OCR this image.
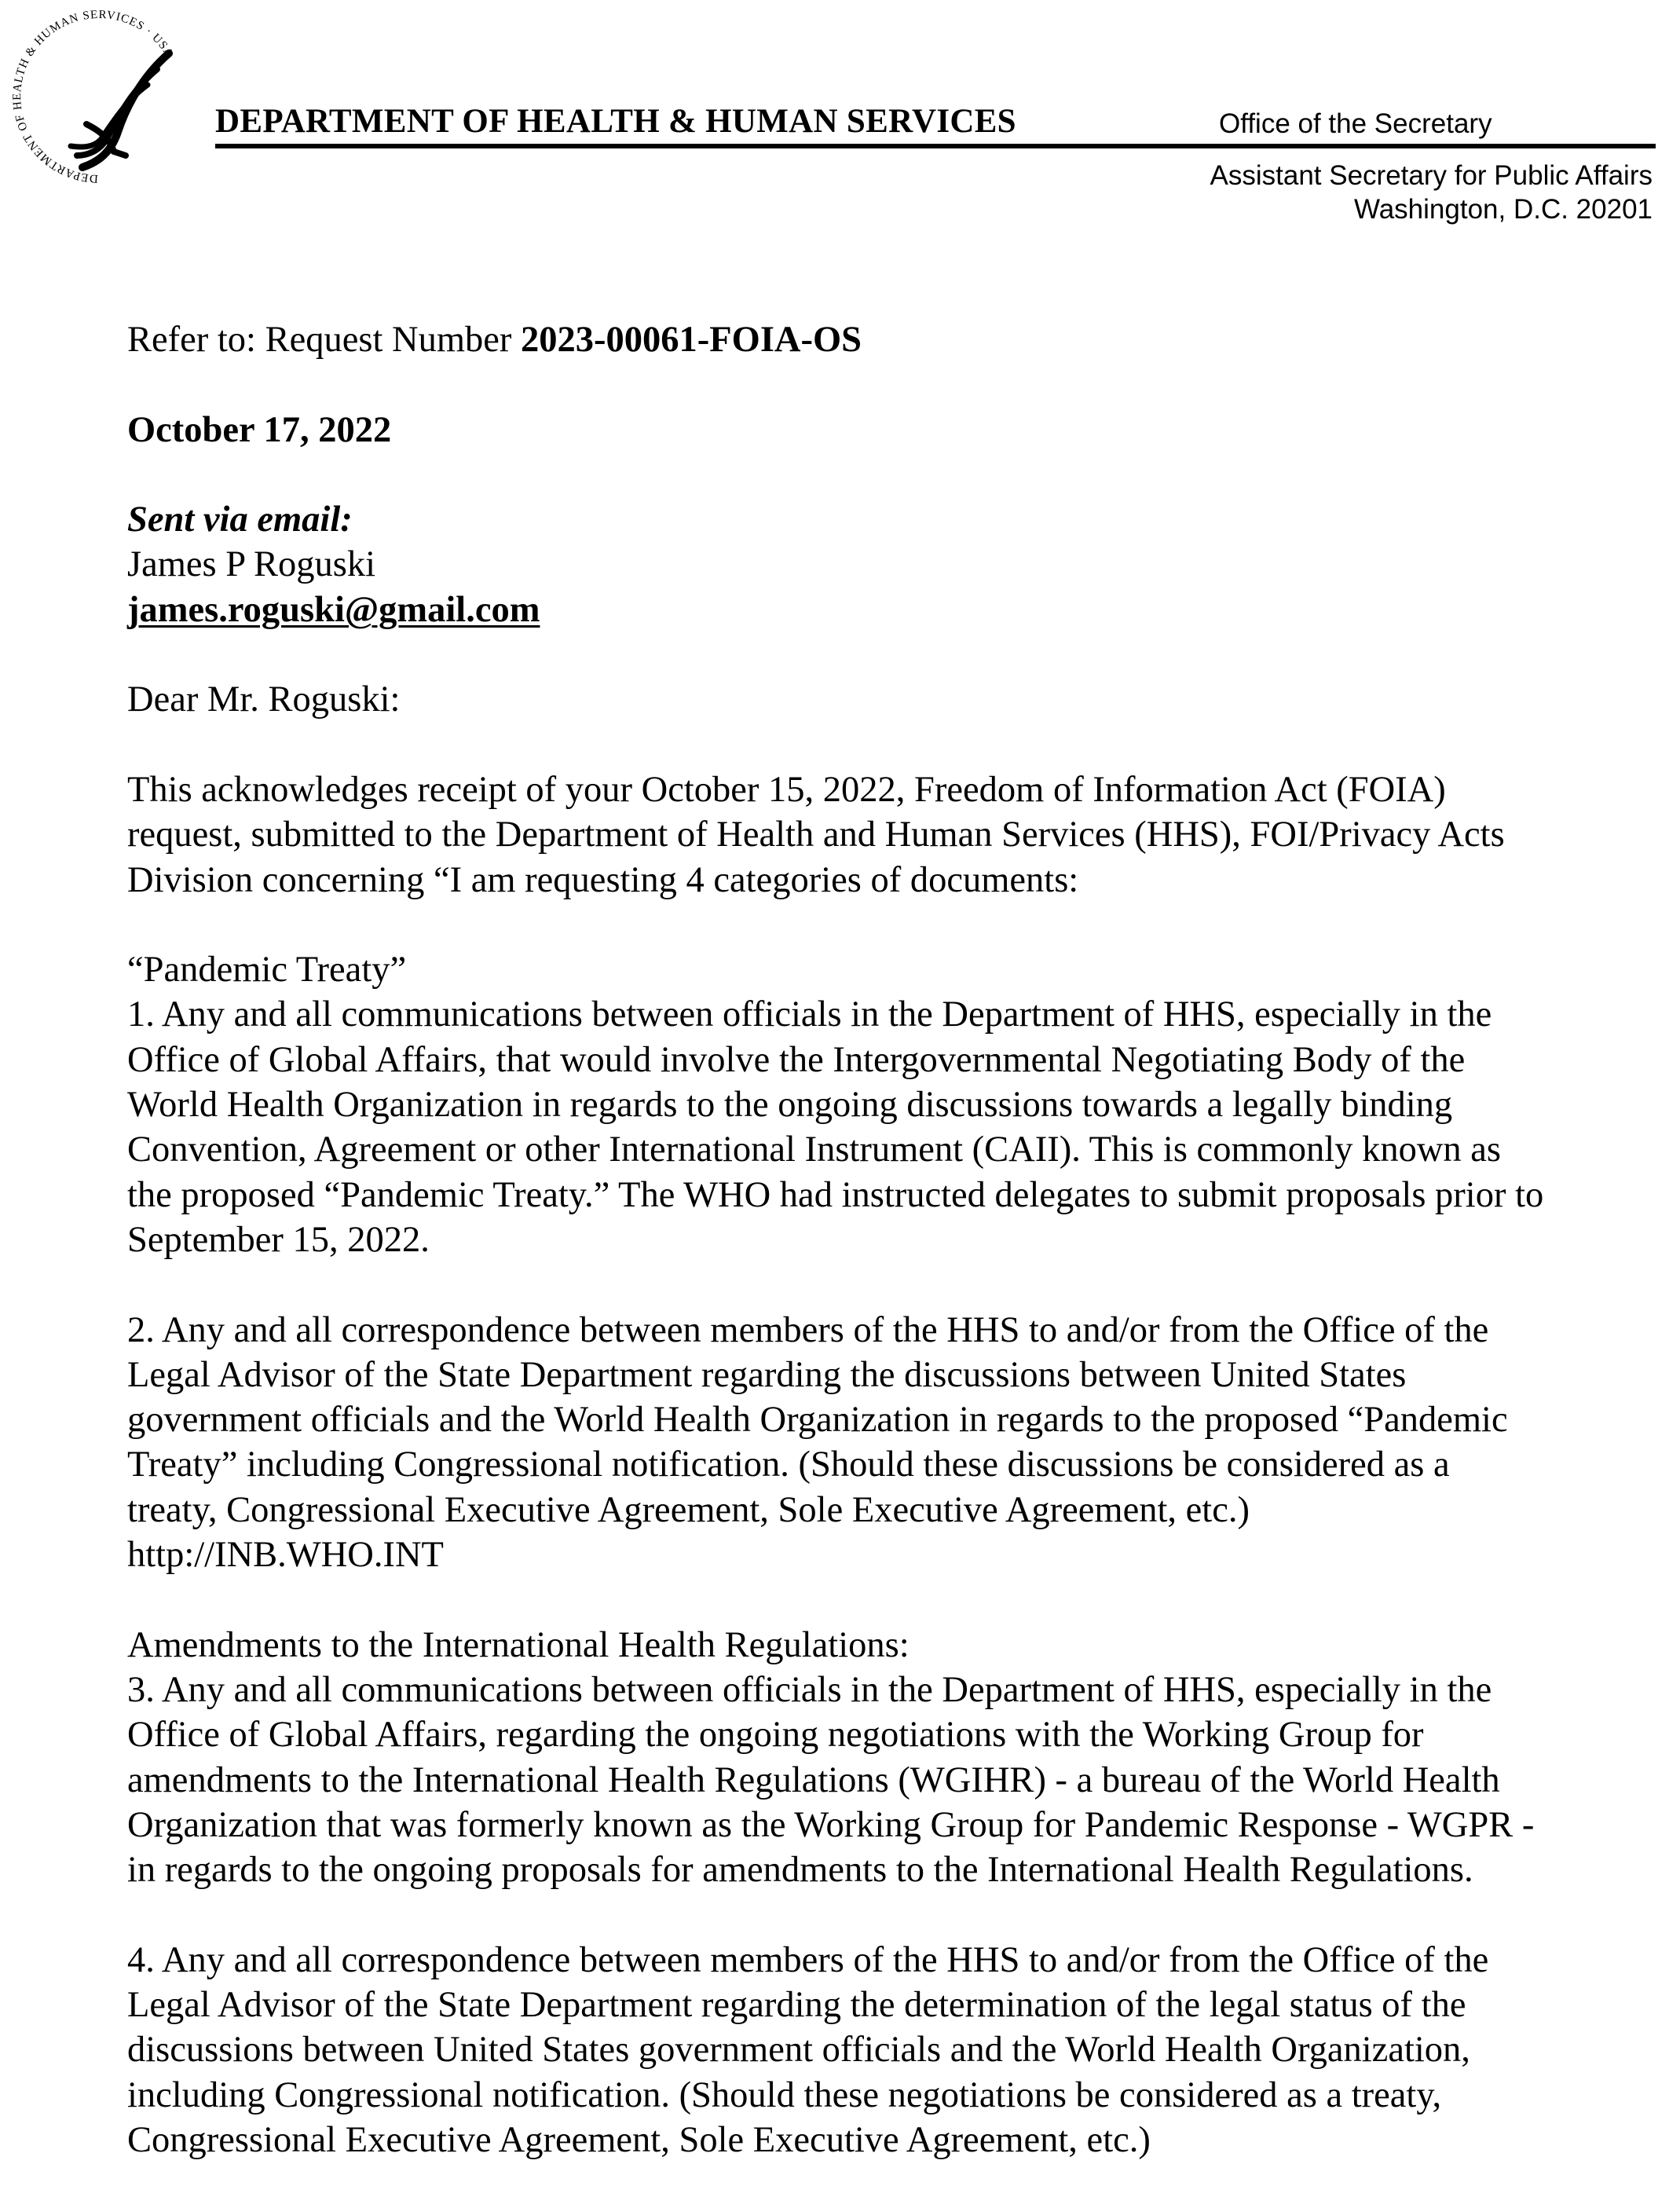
DEPARTMENT OF HEALTH & HUMAN SERVICES · USA
DEPARTMENT OF HEALTH & HUMAN SERVICES	Office of the Secretary
Assistant Secretary for Public Affairs
Washington, D.C. 20201
Refer to: Request Number 2023-00061-FOIA-OS
October 17, 2022
Sent via email:
James P Roguski
james.roguski@gmail.com
Dear Mr. Roguski:
This acknowledges receipt of your October 15, 2022, Freedom of Information Act (FOIA)
request, submitted to the Department of Health and Human Services (HHS), FOI/Privacy Acts
Division concerning “I am requesting 4 categories of documents:
“Pandemic Treaty”
1. Any and all communications between officials in the Department of HHS, especially in the
Office of Global Affairs, that would involve the Intergovernmental Negotiating Body of the
World Health Organization in regards to the ongoing discussions towards a legally binding
Convention, Agreement or other International Instrument (CAII). This is commonly known as
the proposed “Pandemic Treaty.” The WHO had instructed delegates to submit proposals prior to
September 15, 2022.
2. Any and all correspondence between members of the HHS to and/or from the Office of the
Legal Advisor of the State Department regarding the discussions between United States
government officials and the World Health Organization in regards to the proposed “Pandemic
Treaty” including Congressional notification. (Should these discussions be considered as a
treaty, Congressional Executive Agreement, Sole Executive Agreement, etc.)
http://INB.WHO.INT
Amendments to the International Health Regulations:
3. Any and all communications between officials in the Department of HHS, especially in the
Office of Global Affairs, regarding the ongoing negotiations with the Working Group for
amendments to the International Health Regulations (WGIHR) - a bureau of the World Health
Organization that was formerly known as the Working Group for Pandemic Response - WGPR -
in regards to the ongoing proposals for amendments to the International Health Regulations.
4. Any and all correspondence between members of the HHS to and/or from the Office of the
Legal Advisor of the State Department regarding the determination of the legal status of the
discussions between United States government officials and the World Health Organization,
including Congressional notification. (Should these negotiations be considered as a treaty,
Congressional Executive Agreement, Sole Executive Agreement, etc.)
